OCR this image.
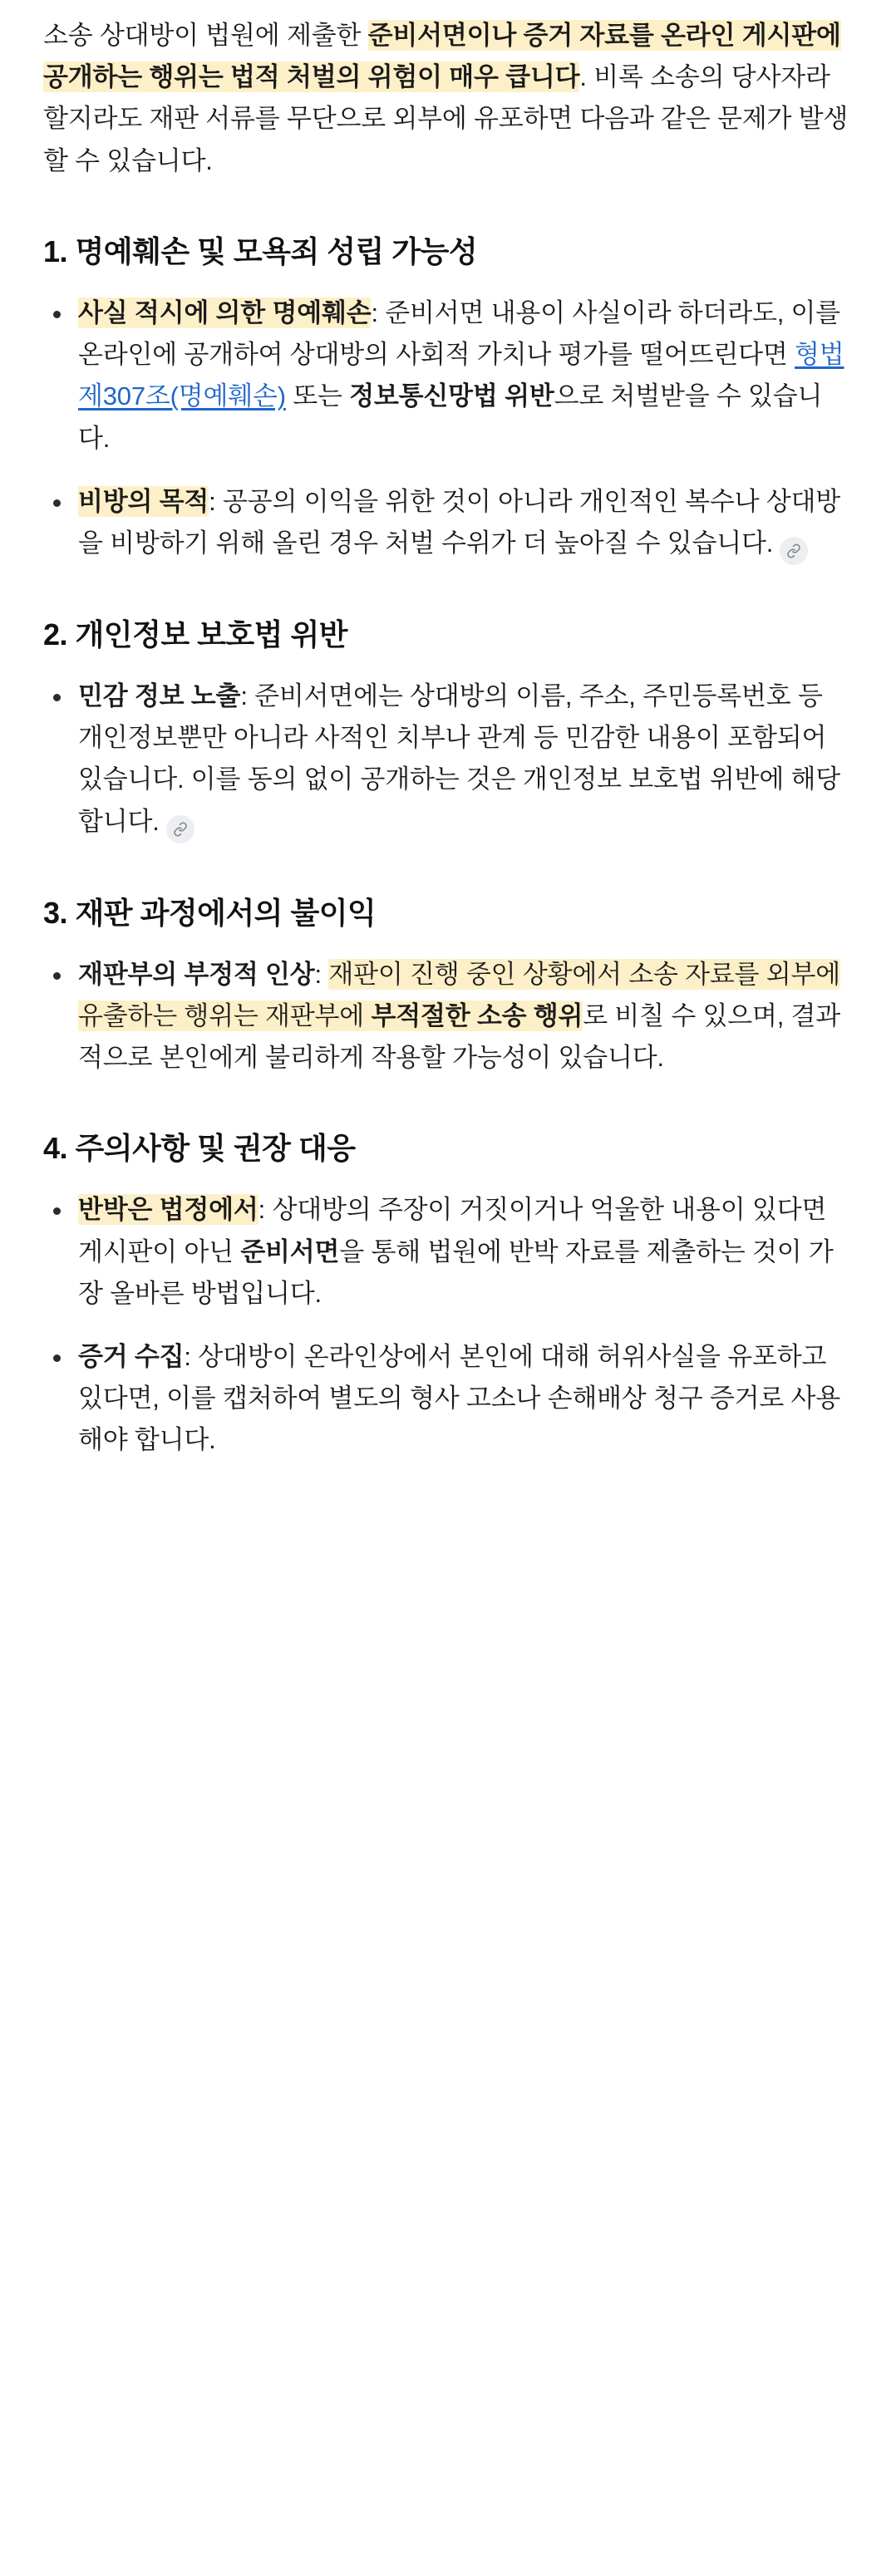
소송 상대방이 법원에 제출한 준비서면이나 증거 자료를 온라인 게시판에 공개하는 행위는 법적 처벌의 위험이 매우 큽니다. 비록 소송의 당사자라 할지라도 재판 서류를 무단으로 외부에 유포하면 다음과 같은 문제가 발생할 수 있습니다.

1. 명예훼손 및 모욕죄 성립 가능성
사실 적시에 의한 명예훼손: 준비서면 내용이 사실이라 하더라도, 이를 온라인에 공개하여 상대방의 사회적 가치나 평가를 떨어뜨린다면 형법 제307조(명예훼손) 또는 정보통신망법 위반으로 처벌받을 수 있습니다.
비방의 목적: 공공의 이익을 위한 것이 아니라 개인적인 복수나 상대방을 비방하기 위해 올린 경우 처벌 수위가 더 높아질 수 있습니다.
2. 개인정보 보호법 위반
민감 정보 노출: 준비서면에는 상대방의 이름, 주소, 주민등록번호 등 개인정보뿐만 아니라 사적인 치부나 관계 등 민감한 내용이 포함되어 있습니다. 이를 동의 없이 공개하는 것은 개인정보 보호법 위반에 해당합니다.
3. 재판 과정에서의 불이익
재판부의 부정적 인상: 재판이 진행 중인 상황에서 소송 자료를 외부에 유출하는 행위는 재판부에 부적절한 소송 행위로 비칠 수 있으며, 결과적으로 본인에게 불리하게 작용할 가능성이 있습니다.
4. 주의사항 및 권장 대응
반박은 법정에서: 상대방의 주장이 거짓이거나 억울한 내용이 있다면 게시판이 아닌 준비서면을 통해 법원에 반박 자료를 제출하는 것이 가장 올바른 방법입니다.
증거 수집: 상대방이 온라인상에서 본인에 대해 허위사실을 유포하고 있다면, 이를 캡처하여 별도의 형사 고소나 손해배상 청구 증거로 사용해야 합니다.
